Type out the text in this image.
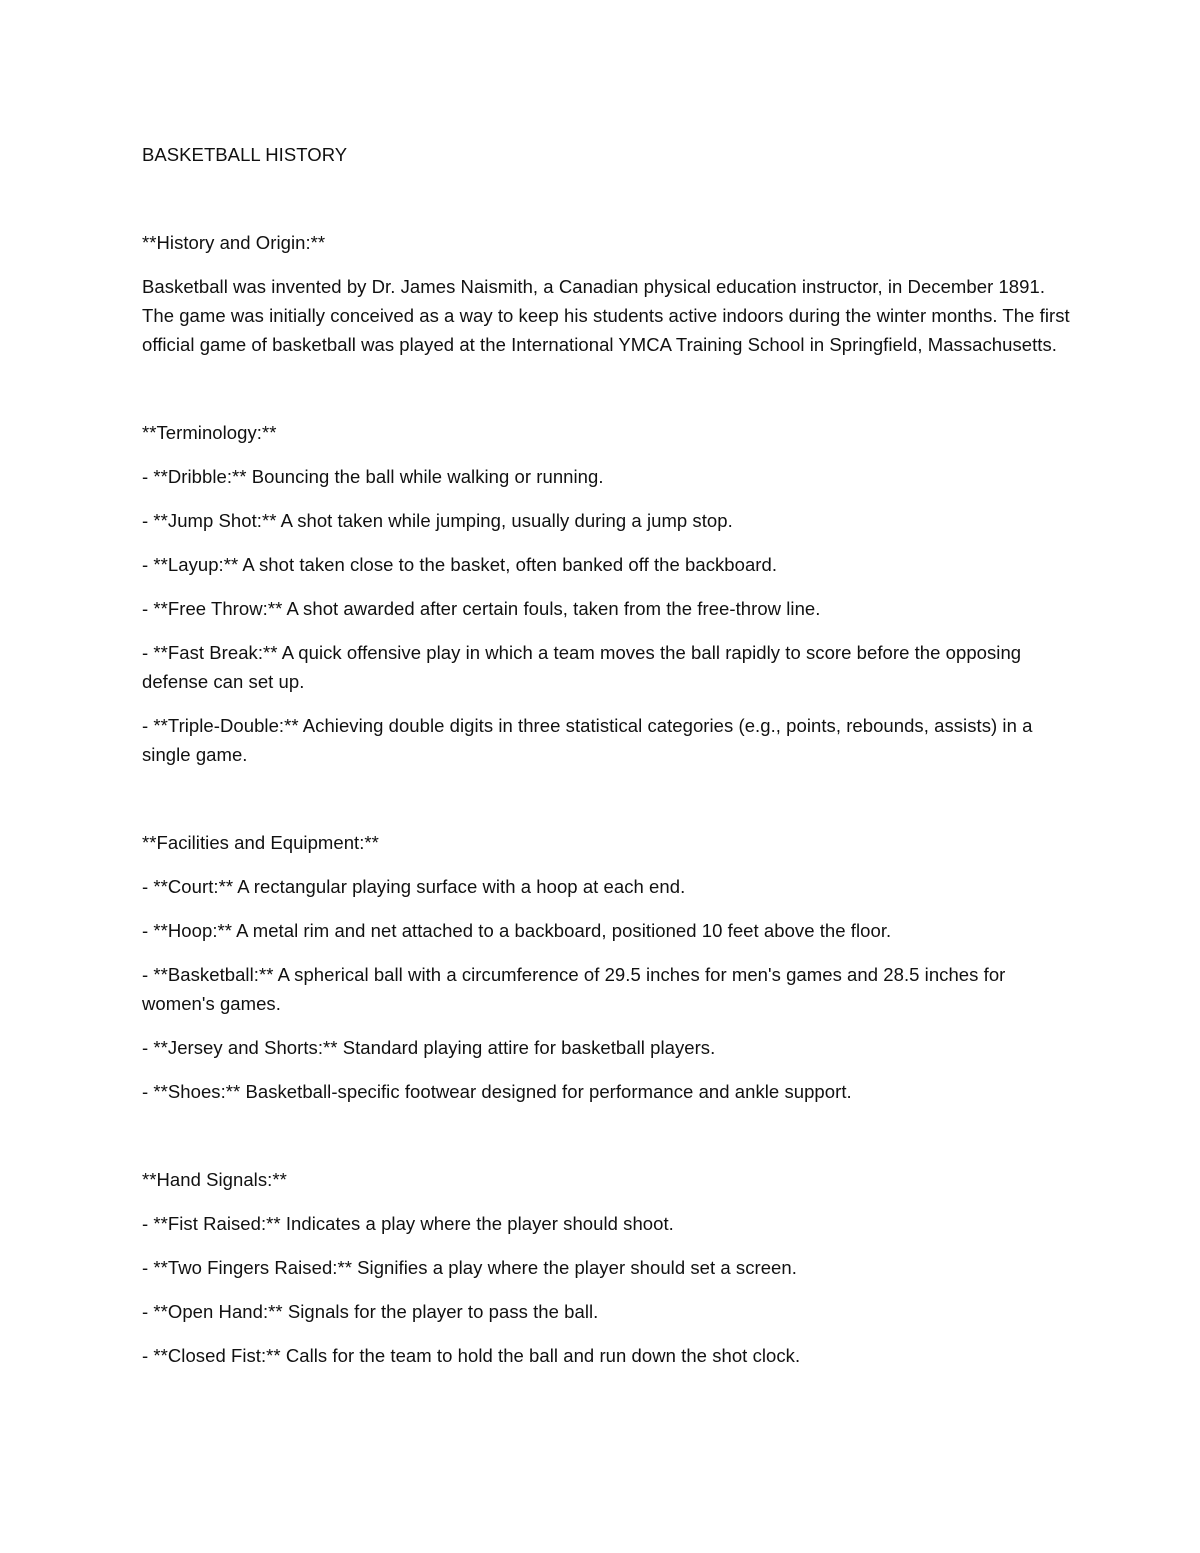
BASKETBALL HISTORY

**History and Origin:**

Basketball was invented by Dr. James Naismith, a Canadian physical education instructor, in December 1891. The game was initially conceived as a way to keep his students active indoors during the winter months. The first official game of basketball was played at the International YMCA Training School in Springfield, Massachusetts.

**Terminology:**

- **Dribble:** Bouncing the ball while walking or running.

- **Jump Shot:** A shot taken while jumping, usually during a jump stop.

- **Layup:** A shot taken close to the basket, often banked off the backboard.

- **Free Throw:** A shot awarded after certain fouls, taken from the free-throw line.

- **Fast Break:** A quick offensive play in which a team moves the ball rapidly to score before the opposing defense can set up.

- **Triple-Double:** Achieving double digits in three statistical categories (e.g., points, rebounds, assists) in a single game.

**Facilities and Equipment:**

- **Court:** A rectangular playing surface with a hoop at each end.

- **Hoop:** A metal rim and net attached to a backboard, positioned 10 feet above the floor.

- **Basketball:** A spherical ball with a circumference of 29.5 inches for men's games and 28.5 inches for women's games.

- **Jersey and Shorts:** Standard playing attire for basketball players.

- **Shoes:** Basketball-specific footwear designed for performance and ankle support.

**Hand Signals:**

- **Fist Raised:** Indicates a play where the player should shoot.

- **Two Fingers Raised:** Signifies a play where the player should set a screen.

- **Open Hand:** Signals for the player to pass the ball.

- **Closed Fist:** Calls for the team to hold the ball and run down the shot clock.
